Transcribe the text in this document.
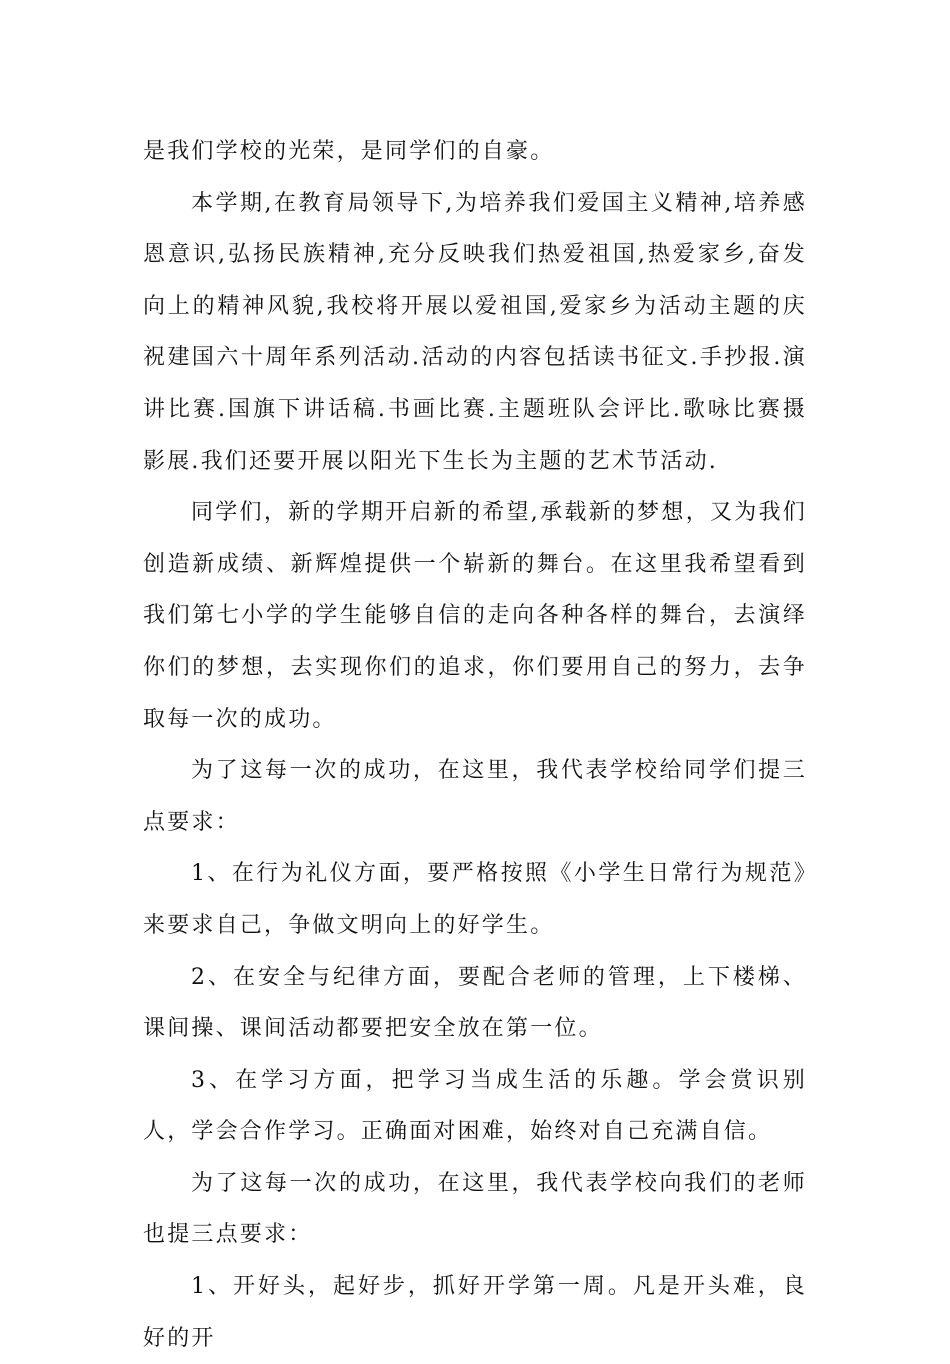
是我们学校的光荣，是同学们的自豪。

本学期,在教育局领导下,为培养我们爱国主义精神,培养感恩意识,弘扬民族精神,充分反映我们热爱祖国,热爱家乡,奋发向上的精神风貌,我校将开展以爱祖国,爱家乡为活动主题的庆祝建国六十周年系列活动.活动的内容包括读书征文.手抄报.演讲比赛.国旗下讲话稿.书画比赛.主题班队会评比.歌咏比赛摄影展.我们还要开展以阳光下生长为主题的艺术节活动.

同学们，新的学期开启新的希望,承载新的梦想，又为我们创造新成绩、新辉煌提供一个崭新的舞台。在这里我希望看到我们第七小学的学生能够自信的走向各种各样的舞台，去演绎你们的梦想，去实现你们的追求，你们要用自己的努力，去争取每一次的成功。

为了这每一次的成功，在这里，我代表学校给同学们提三点要求：

1、在行为礼仪方面，要严格按照《小学生日常行为规范》来要求自己，争做文明向上的好学生。

2、在安全与纪律方面，要配合老师的管理，上下楼梯、课间操、课间活动都要把安全放在第一位。

3、在学习方面，把学习当成生活的乐趣。学会赏识别人，学会合作学习。正确面对困难，始终对自己充满自信。

为了这每一次的成功，在这里，我代表学校向我们的老师也提三点要求：

1、开好头，起好步，抓好开学第一周。凡是开头难，良好的开
